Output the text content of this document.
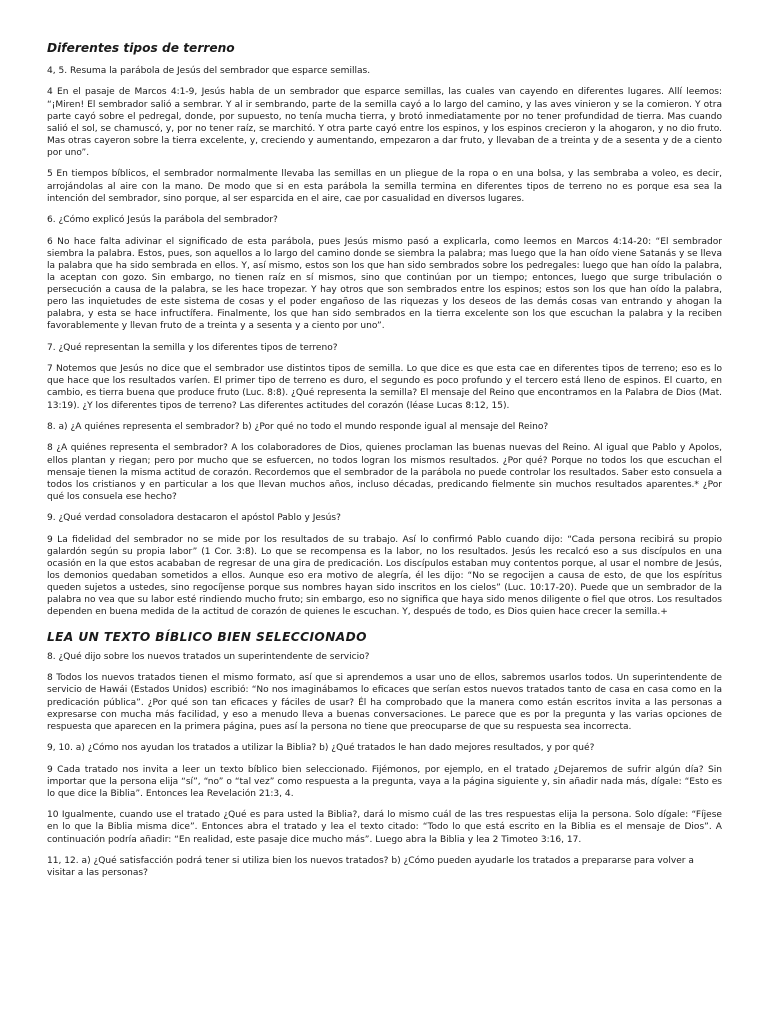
Diferentes tipos de terreno

4, 5. Resuma la parábola de Jesús del sembrador que esparce semillas.

4 En el pasaje de Marcos 4:1-9, Jesús habla de un sembrador que esparce semillas, las cuales van cayendo en diferentes lugares. Allí leemos: “¡Miren! El sembrador salió a sembrar. Y al ir sembrando, parte de la semilla cayó a lo largo del camino, y las aves vinieron y se la comieron. Y otra parte cayó sobre el pedregal, donde, por supuesto, no tenía mucha tierra, y brotó inmediatamente por no tener profundidad de tierra. Mas cuando salió el sol, se chamuscó, y, por no tener raíz, se marchitó. Y otra parte cayó entre los espinos, y los espinos crecieron y la ahogaron, y no dio fruto. Mas otras cayeron sobre la tierra excelente, y, creciendo y aumentando, empezaron a dar fruto, y llevaban de a treinta y de a sesenta y de a ciento por uno”.

5 En tiempos bíblicos, el sembrador normalmente llevaba las semillas en un pliegue de la ropa o en una bolsa, y las sembraba a voleo, es decir, arrojándolas al aire con la mano. De modo que si en esta parábola la semilla termina en diferentes tipos de terreno no es porque esa sea la intención del sembrador, sino porque, al ser esparcida en el aire, cae por casualidad en diversos lugares.

6. ¿Cómo explicó Jesús la parábola del sembrador?

6 No hace falta adivinar el significado de esta parábola, pues Jesús mismo pasó a explicarla, como leemos en Marcos 4:14-20: “El sembrador siembra la palabra. Estos, pues, son aquellos a lo largo del camino donde se siembra la palabra; mas luego que la han oído viene Satanás y se lleva la palabra que ha sido sembrada en ellos. Y, así mismo, estos son los que han sido sembrados sobre los pedregales: luego que han oído la palabra, la aceptan con gozo. Sin embargo, no tienen raíz en sí mismos, sino que continúan por un tiempo; entonces, luego que surge tribulación o persecución a causa de la palabra, se les hace tropezar. Y hay otros que son sembrados entre los espinos; estos son los que han oído la palabra, pero las inquietudes de este sistema de cosas y el poder engañoso de las riquezas y los deseos de las demás cosas van entrando y ahogan la palabra, y esta se hace infructífera. Finalmente, los que han sido sembrados en la tierra excelente son los que escuchan la palabra y la reciben favorablemente y llevan fruto de a treinta y a sesenta y a ciento por uno”.

7. ¿Qué representan la semilla y los diferentes tipos de terreno?

7 Notemos que Jesús no dice que el sembrador use distintos tipos de semilla. Lo que dice es que esta cae en diferentes tipos de terreno; eso es lo que hace que los resultados varíen. El primer tipo de terreno es duro, el segundo es poco profundo y el tercero está lleno de espinos. El cuarto, en cambio, es tierra buena que produce fruto (Luc. 8:8). ¿Qué representa la semilla? El mensaje del Reino que encontramos en la Palabra de Dios (Mat. 13:19). ¿Y los diferentes tipos de terreno? Las diferentes actitudes del corazón (léase Lucas 8:12, 15).

8. a) ¿A quiénes representa el sembrador? b) ¿Por qué no todo el mundo responde igual al mensaje del Reino?

8 ¿A quiénes representa el sembrador? A los colaboradores de Dios, quienes proclaman las buenas nuevas del Reino. Al igual que Pablo y Apolos, ellos plantan y riegan; pero por mucho que se esfuercen, no todos logran los mismos resultados. ¿Por qué? Porque no todos los que escuchan el mensaje tienen la misma actitud de corazón. Recordemos que el sembrador de la parábola no puede controlar los resultados. Saber esto consuela a todos los cristianos y en particular a los que llevan muchos años, incluso décadas, predicando fielmente sin muchos resultados aparentes.* ¿Por qué los consuela ese hecho?

9. ¿Qué verdad consoladora destacaron el apóstol Pablo y Jesús?

9 La fidelidad del sembrador no se mide por los resultados de su trabajo. Así lo confirmó Pablo cuando dijo: “Cada persona recibirá su propio galardón según su propia labor” (1 Cor. 3:8). Lo que se recompensa es la labor, no los resultados. Jesús les recalcó eso a sus discípulos en una ocasión en la que estos acababan de regresar de una gira de predicación. Los discípulos estaban muy contentos porque, al usar el nombre de Jesús, los demonios quedaban sometidos a ellos. Aunque eso era motivo de alegría, él les dijo: “No se regocijen a causa de esto, de que los espíritus queden sujetos a ustedes, sino regocíjense porque sus nombres hayan sido inscritos en los cielos” (Luc. 10:17-20). Puede que un sembrador de la palabra no vea que su labor esté rindiendo mucho fruto; sin embargo, eso no significa que haya sido menos diligente o fiel que otros. Los resultados dependen en buena medida de la actitud de corazón de quienes le escuchan. Y, después de todo, es Dios quien hace crecer la semilla.+

LEA UN TEXTO BÍBLICO BIEN SELECCIONADO

8. ¿Qué dijo sobre los nuevos tratados un superintendente de servicio?

8 Todos los nuevos tratados tienen el mismo formato, así que si aprendemos a usar uno de ellos, sabremos usarlos todos. Un superintendente de servicio de Hawái (Estados Unidos) escribió: “No nos imaginábamos lo eficaces que serían estos nuevos tratados tanto de casa en casa como en la predicación pública”. ¿Por qué son tan eficaces y fáciles de usar? Él ha comprobado que la manera como están escritos invita a las personas a expresarse con mucha más facilidad, y eso a menudo lleva a buenas conversaciones. Le parece que es por la pregunta y las varias opciones de respuesta que aparecen en la primera página, pues así la persona no tiene que preocuparse de que su respuesta sea incorrecta.

9, 10. a) ¿Cómo nos ayudan los tratados a utilizar la Biblia? b) ¿Qué tratados le han dado mejores resultados, y por qué?

9 Cada tratado nos invita a leer un texto bíblico bien seleccionado. Fijémonos, por ejemplo, en el tratado ¿Dejaremos de sufrir algún día? Sin importar que la persona elija “sí”, “no” o “tal vez” como respuesta a la pregunta, vaya a la página siguiente y, sin añadir nada más, dígale: “Esto es lo que dice la Biblia”. Entonces lea Revelación 21:3, 4.

10 Igualmente, cuando use el tratado ¿Qué es para usted la Biblia?, dará lo mismo cuál de las tres respuestas elija la persona. Solo dígale: “Fíjese en lo que la Biblia misma dice”. Entonces abra el tratado y lea el texto citado: “Todo lo que está escrito en la Biblia es el mensaje de Dios”. A continuación podría añadir: “En realidad, este pasaje dice mucho más”. Luego abra la Biblia y lea 2 Timoteo 3:16, 17.

11, 12. a) ¿Qué satisfacción podrá tener si utiliza bien los nuevos tratados? b) ¿Cómo pueden ayudarle los tratados a prepararse para volver a visitar a las personas?
